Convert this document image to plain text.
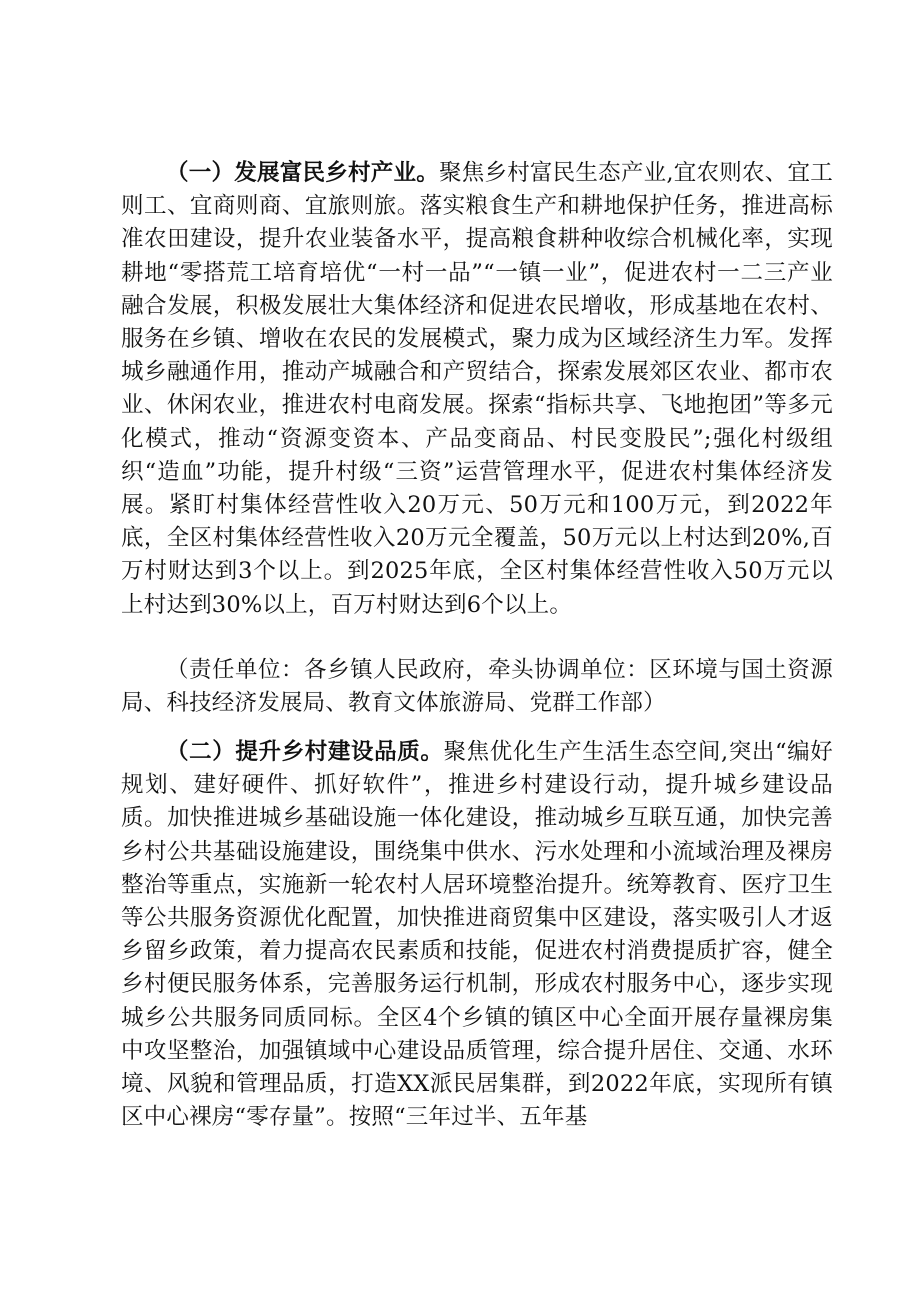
（一）发展富民乡村产业。聚焦乡村富民生态产业,宜农则农、宜工则工、宜商则商、宜旅则旅。落实粮食生产和耕地保护任务，推进高标准农田建设，提升农业装备水平，提高粮食耕种收综合机械化率，实现耕地“零搭荒工培育培优“一村一品”“一镇一业”，促进农村一二三产业融合发展，积极发展壮大集体经济和促进农民增收，形成基地在农村、服务在乡镇、增收在农民的发展模式，聚力成为区域经济生力军。发挥城乡融通作用，推动产城融合和产贸结合，探索发展郊区农业、都市农业、休闲农业，推进农村电商发展。探索“指标共享、飞地抱团”等多元化模式，推动“资源变资本、产品变商品、村民变股民”;强化村级组织“造血”功能，提升村级“三资”运营管理水平，促进农村集体经济发展。紧盯村集体经营性收入20万元、50万元和100万元，到2022年底，全区村集体经营性收入20万元全覆盖，50万元以上村达到20%,百万村财达到3个以上。到2025年底，全区村集体经营性收入50万元以上村达到30%以上，百万村财达到6个以上。

（责任单位：各乡镇人民政府，牵头协调单位：区环境与国土资源局、科技经济发展局、教育文体旅游局、党群工作部）

（二）提升乡村建设品质。聚焦优化生产生活生态空间,突出“编好规划、建好硬件、抓好软件”，推进乡村建设行动，提升城乡建设品质。加快推进城乡基础设施一体化建设，推动城乡互联互通，加快完善乡村公共基础设施建设，围绕集中供水、污水处理和小流域治理及裸房整治等重点，实施新一轮农村人居环境整治提升。统筹教育、医疗卫生等公共服务资源优化配置，加快推进商贸集中区建设，落实吸引人才返乡留乡政策，着力提高农民素质和技能，促进农村消费提质扩容，健全乡村便民服务体系，完善服务运行机制，形成农村服务中心，逐步实现城乡公共服务同质同标。全区4个乡镇的镇区中心全面开展存量裸房集中攻坚整治，加强镇域中心建设品质管理，综合提升居住、交通、水环境、风貌和管理品质，打造XX派民居集群，到2022年底，实现所有镇区中心裸房“零存量”。按照“三年过半、五年基
